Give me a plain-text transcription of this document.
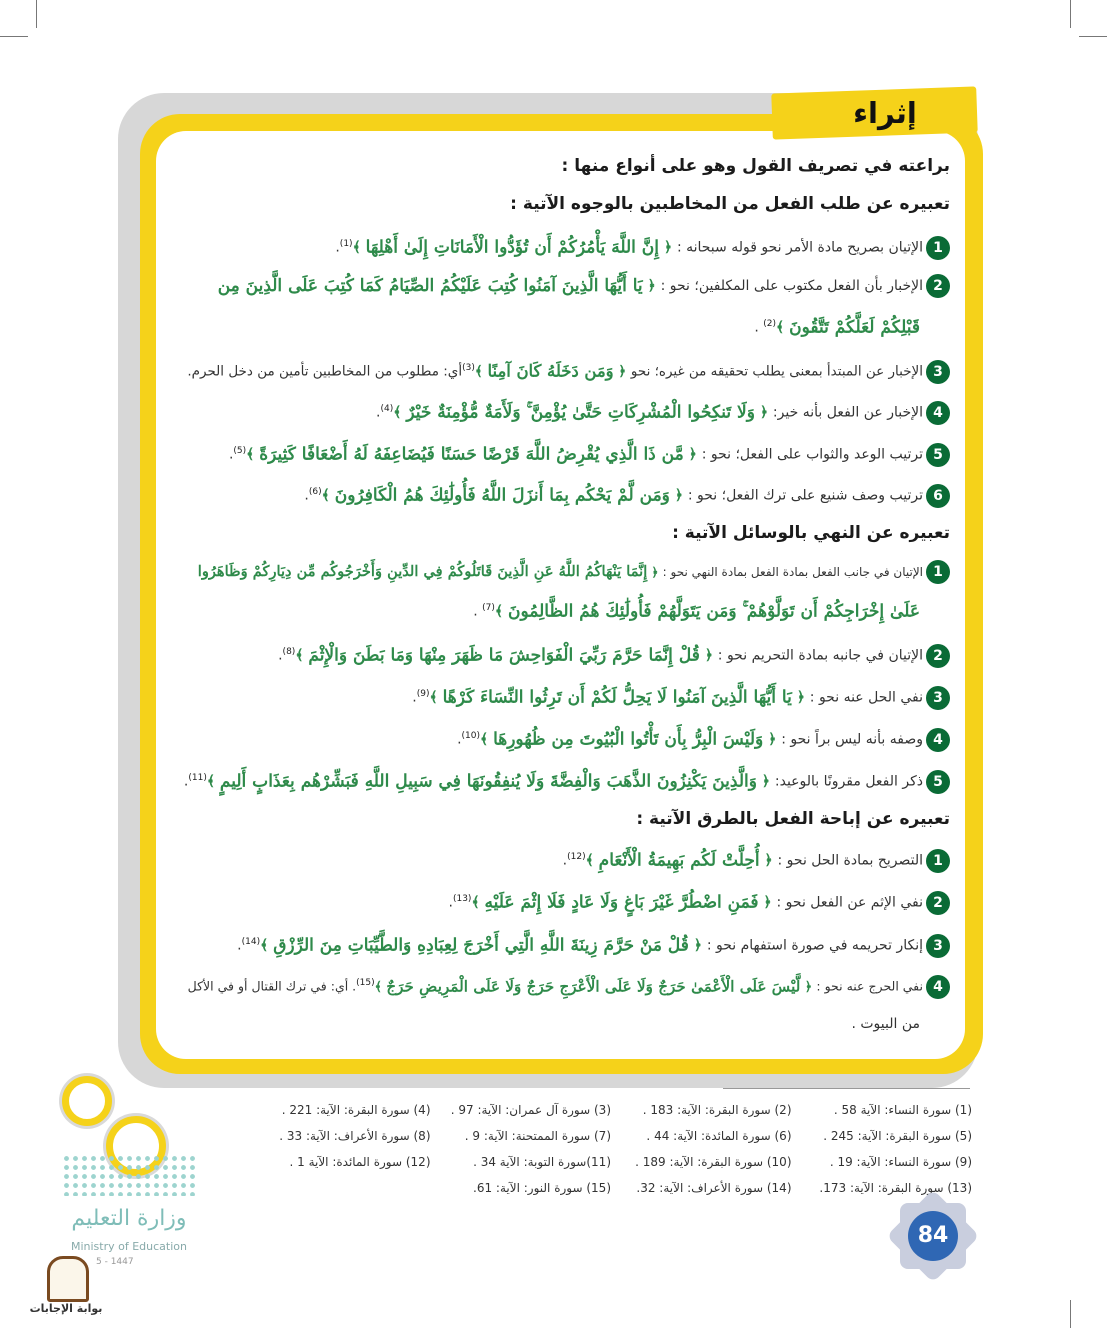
إثراء
براعته في تصريف القول وهو على أنواع منها :
تعبيره عن طلب الفعل من المخاطبين بالوجوه الآتية :
1الإتيان بصريح مادة الأمر نحو قوله سبحانه : ﴿ إِنَّ اللَّهَ يَأْمُرُكُمْ أَن تُؤَدُّوا الْأَمَانَاتِ إِلَىٰ أَهْلِهَا ﴾$^{(1)}$.
2الإخبار بأن الفعل مكتوب على المكلفين؛ نحو : ﴿ يَا أَيُّهَا الَّذِينَ آمَنُوا كُتِبَ عَلَيْكُمُ الصِّيَامُ كَمَا كُتِبَ عَلَى الَّذِينَ مِن
قَبْلِكُمْ لَعَلَّكُمْ تَتَّقُونَ ﴾$^{(2)}$ .
3الإخبار عن المبتدأ بمعنى يطلب تحقيقه من غيره؛ نحو ﴿ وَمَن دَخَلَهُ كَانَ آمِنًا ﴾$^{(3)}$أي: مطلوب من المخاطبين تأمين من دخل الحرم.
4الإخبار عن الفعل بأنه خير: ﴿ وَلَا تَنكِحُوا الْمُشْرِكَاتِ حَتَّىٰ يُؤْمِنَّ ۚ وَلَأَمَةٌ مُّؤْمِنَةٌ خَيْرٌ ﴾$^{(4)}$.
5ترتيب الوعد والثواب على الفعل؛ نحو : ﴿ مَّن ذَا الَّذِي يُقْرِضُ اللَّهَ قَرْضًا حَسَنًا فَيُضَاعِفَهُ لَهُ أَضْعَافًا كَثِيرَةً ﴾$^{(5)}$.
6ترتيب وصف شنيع على ترك الفعل؛ نحو : ﴿ وَمَن لَّمْ يَحْكُم بِمَا أَنزَلَ اللَّهُ فَأُولَٰئِكَ هُمُ الْكَافِرُونَ ﴾$^{(6)}$.
تعبيره عن النهي بالوسائل الآتية :
1الإتيان في جانب الفعل بمادة الفعل بمادة النهي نحو : ﴿ إِنَّمَا يَنْهَاكُمُ اللَّهُ عَنِ الَّذِينَ قَاتَلُوكُمْ فِي الدِّينِ وَأَخْرَجُوكُم مِّن دِيَارِكُمْ وَظَاهَرُوا
عَلَىٰ إِخْرَاجِكُمْ أَن تَوَلَّوْهُمْ ۚ وَمَن يَتَوَلَّهُمْ فَأُولَٰئِكَ هُمُ الظَّالِمُونَ ﴾$^{(7)}$ .
2الإتيان في جانبه بمادة التحريم نحو : ﴿ قُلْ إِنَّمَا حَرَّمَ رَبِّيَ الْفَوَاحِشَ مَا ظَهَرَ مِنْهَا وَمَا بَطَنَ وَالْإِثْمَ ﴾$^{(8)}$.
3نفي الحل عنه نحو : ﴿ يَا أَيُّهَا الَّذِينَ آمَنُوا لَا يَحِلُّ لَكُمْ أَن تَرِثُوا النِّسَاءَ كَرْهًا ﴾$^{(9)}$.
4وصفه بأنه ليس براً نحو : ﴿ وَلَيْسَ الْبِرُّ بِأَن تَأْتُوا الْبُيُوتَ مِن ظُهُورِهَا ﴾$^{(10)}$.
5ذكر الفعل مقرونًا بالوعيد: ﴿ وَالَّذِينَ يَكْنِزُونَ الذَّهَبَ وَالْفِضَّةَ وَلَا يُنفِقُونَهَا فِي سَبِيلِ اللَّهِ فَبَشِّرْهُم بِعَذَابٍ أَلِيمٍ ﴾$^{(11)}$.
تعبيره عن إباحة الفعل بالطرق الآتية :
1التصريح بمادة الحل نحو : ﴿ أُحِلَّتْ لَكُم بَهِيمَةُ الْأَنْعَامِ ﴾$^{(12)}$.
2نفي الإثم عن الفعل نحو : ﴿ فَمَنِ اضْطُرَّ غَيْرَ بَاغٍ وَلَا عَادٍ فَلَا إِثْمَ عَلَيْهِ ﴾$^{(13)}$.
3إنكار تحريمه في صورة استفهام نحو : ﴿ قُلْ مَنْ حَرَّمَ زِينَةَ اللَّهِ الَّتِي أَخْرَجَ لِعِبَادِهِ وَالطَّيِّبَاتِ مِنَ الرِّزْقِ ﴾$^{(14)}$.
4نفي الحرج عنه نحو : ﴿ لَّيْسَ عَلَى الْأَعْمَىٰ حَرَجٌ وَلَا عَلَى الْأَعْرَجِ حَرَجٌ وَلَا عَلَى الْمَرِيضِ حَرَجٌ ﴾$^{(15)}$. أي: في ترك القتال أو في الأكل
من البيوت .
(1) سورة النساء: الآية 58 .
(2) سورة البقرة: الآية: 183 .
(3) سورة آل عمران: الآية: 97 .
(4) سورة البقرة: الآية: 221 .
(5) سورة البقرة: الآية: 245 .
(6) سورة المائدة: الآية: 44 .
(7) سورة الممتحنة: الآية: 9 .
(8) سورة الأعراف: الآية: 33 .
(9) سورة النساء: الآية: 19 .
(10) سورة البقرة: الآية: 189 .
(11)سورة التوبة: الآية 34 .
(12) سورة المائدة: الآية 1 .
(13) سورة البقرة: الآية: 173.
(14) سورة الأعراف: الآية: 32.
(15) سورة النور: الآية: 61.
وزارة التعليم
Ministry of Education
5 - 1447
بوابة الإجابات
84
